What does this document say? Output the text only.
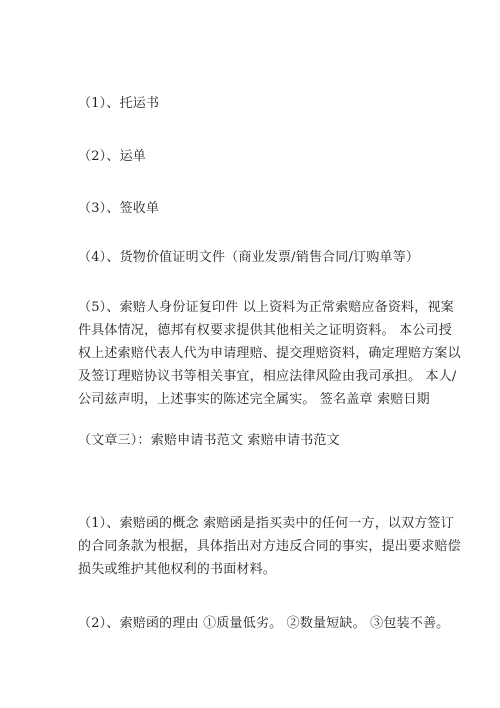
（1）、托运书

（2）、运单

（3）、签收单

（4）、货物价值证明文件（商业发票/销售合同/订购单等）

（5）、索赔人身份证复印件 以上资料为正常索赔应备资料，视案
件具体情况，德邦有权要求提供其他相关之证明资料。 本公司授
权上述索赔代表人代为申请理赔、提交理赔资料，确定理赔方案以
及签订理赔协议书等相关事宜，相应法律风险由我司承担。 本人/
公司兹声明，上述事实的陈述完全属实。 签名盖章 索赔日期

（文章三）：索赔申请书范文 索赔申请书范文

（1）、索赔函的概念 索赔函是指买卖中的任何一方，以双方签订
的合同条款为根据，具体指出对方违反合同的事实，提出要求赔偿
损失或维护其他权利的书面材料。

（2）、索赔函的理由 ①质量低劣。 ②数量短缺。 ③包装不善。
